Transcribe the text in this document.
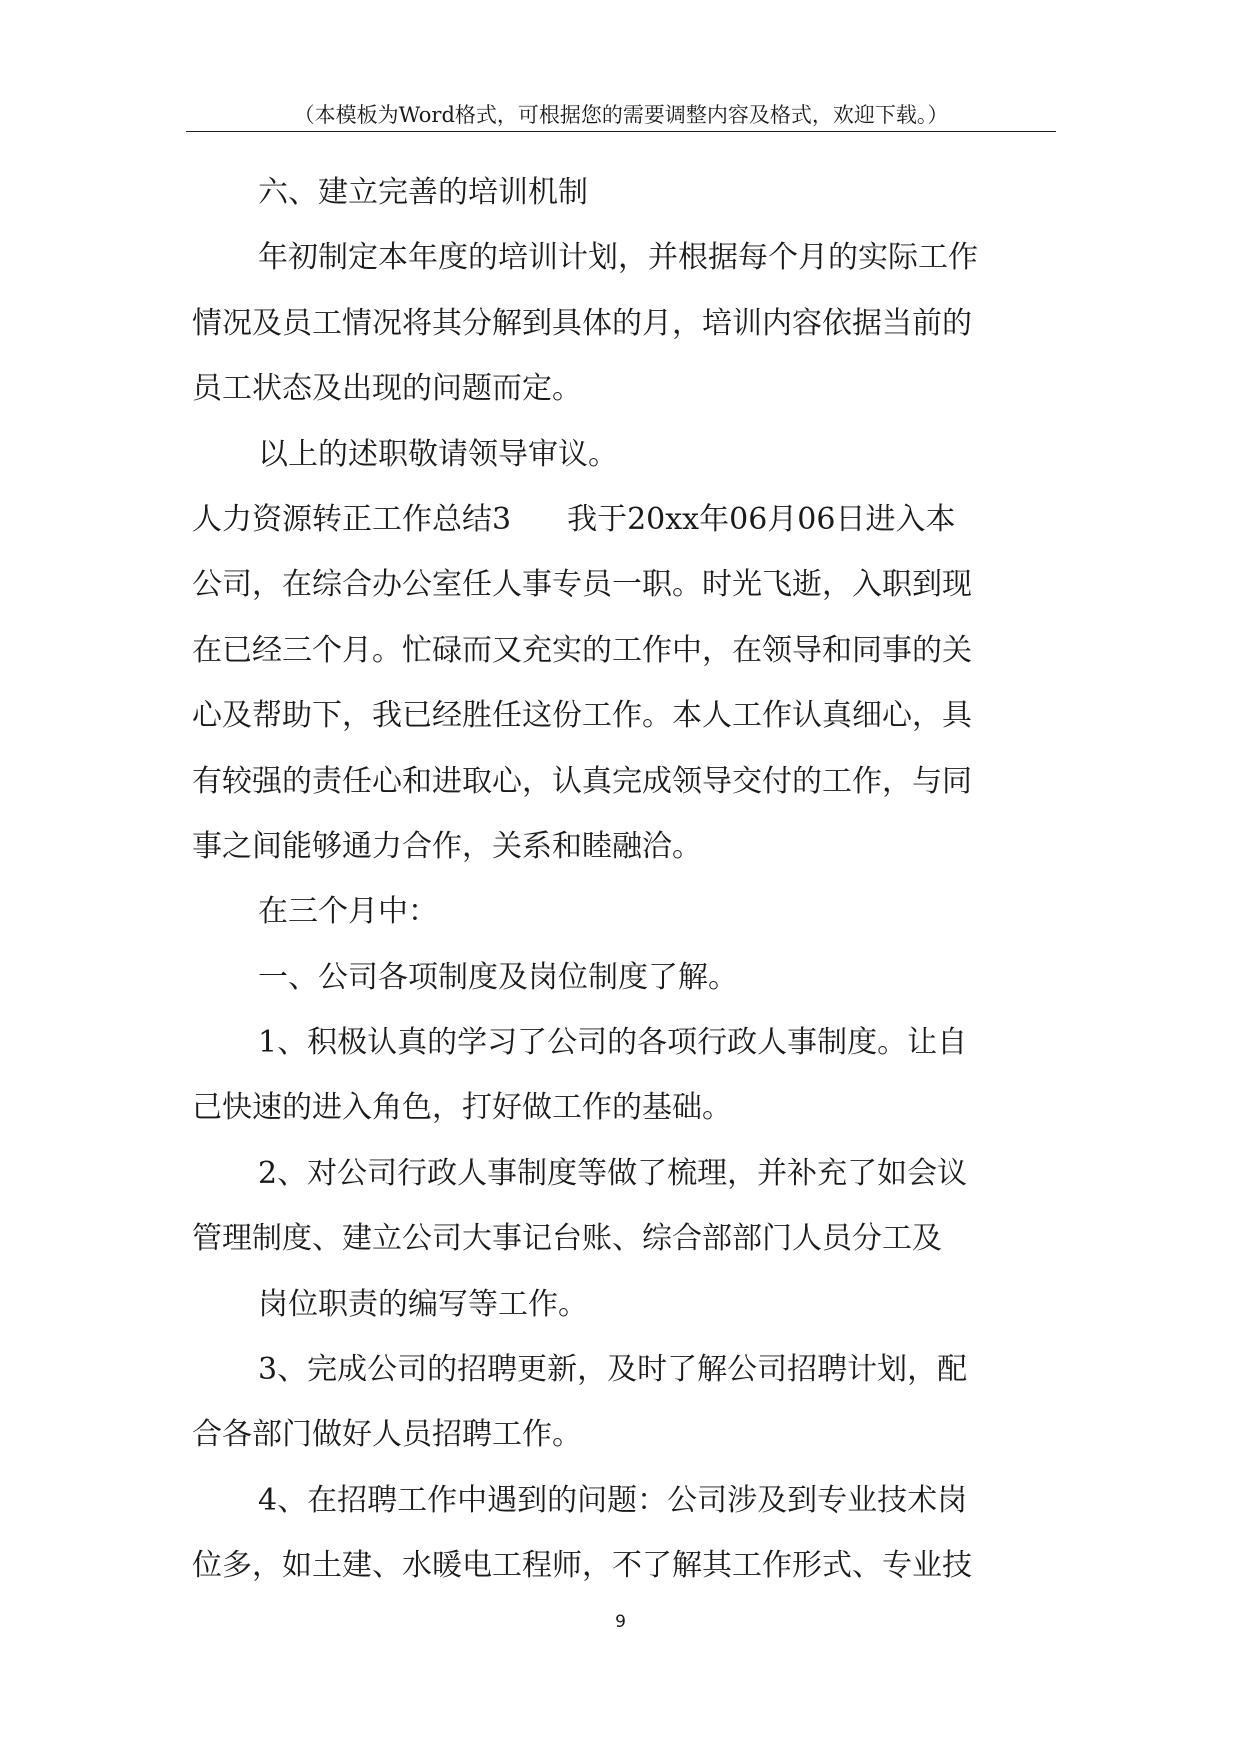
（本模板为Word格式，可根据您的需要调整内容及格式，欢迎下载。）
六、建立完善的培训机制
年初制定本年度的培训计划，并根据每个月的实际工作
情况及员工情况将其分解到具体的月，培训内容依据当前的
员工状态及出现的问题而定。
以上的述职敬请领导审议。
人力资源转正工作总结3 我于20xx年06月06日进入本
公司，在综合办公室任人事专员一职。时光飞逝，入职到现
在已经三个月。忙碌而又充实的工作中，在领导和同事的关
心及帮助下，我已经胜任这份工作。本人工作认真细心，具
有较强的责任心和进取心，认真完成领导交付的工作，与同
事之间能够通力合作，关系和睦融洽。
在三个月中：
一、公司各项制度及岗位制度了解。
1、积极认真的学习了公司的各项行政人事制度。让自
己快速的进入角色，打好做工作的基础。
2、对公司行政人事制度等做了梳理，并补充了如会议
管理制度、建立公司大事记台账、综合部部门人员分工及
岗位职责的编写等工作。
3、完成公司的招聘更新，及时了解公司招聘计划，配
合各部门做好人员招聘工作。
4、在招聘工作中遇到的问题：公司涉及到专业技术岗
位多，如土建、水暖电工程师，不了解其工作形式、专业技
9
